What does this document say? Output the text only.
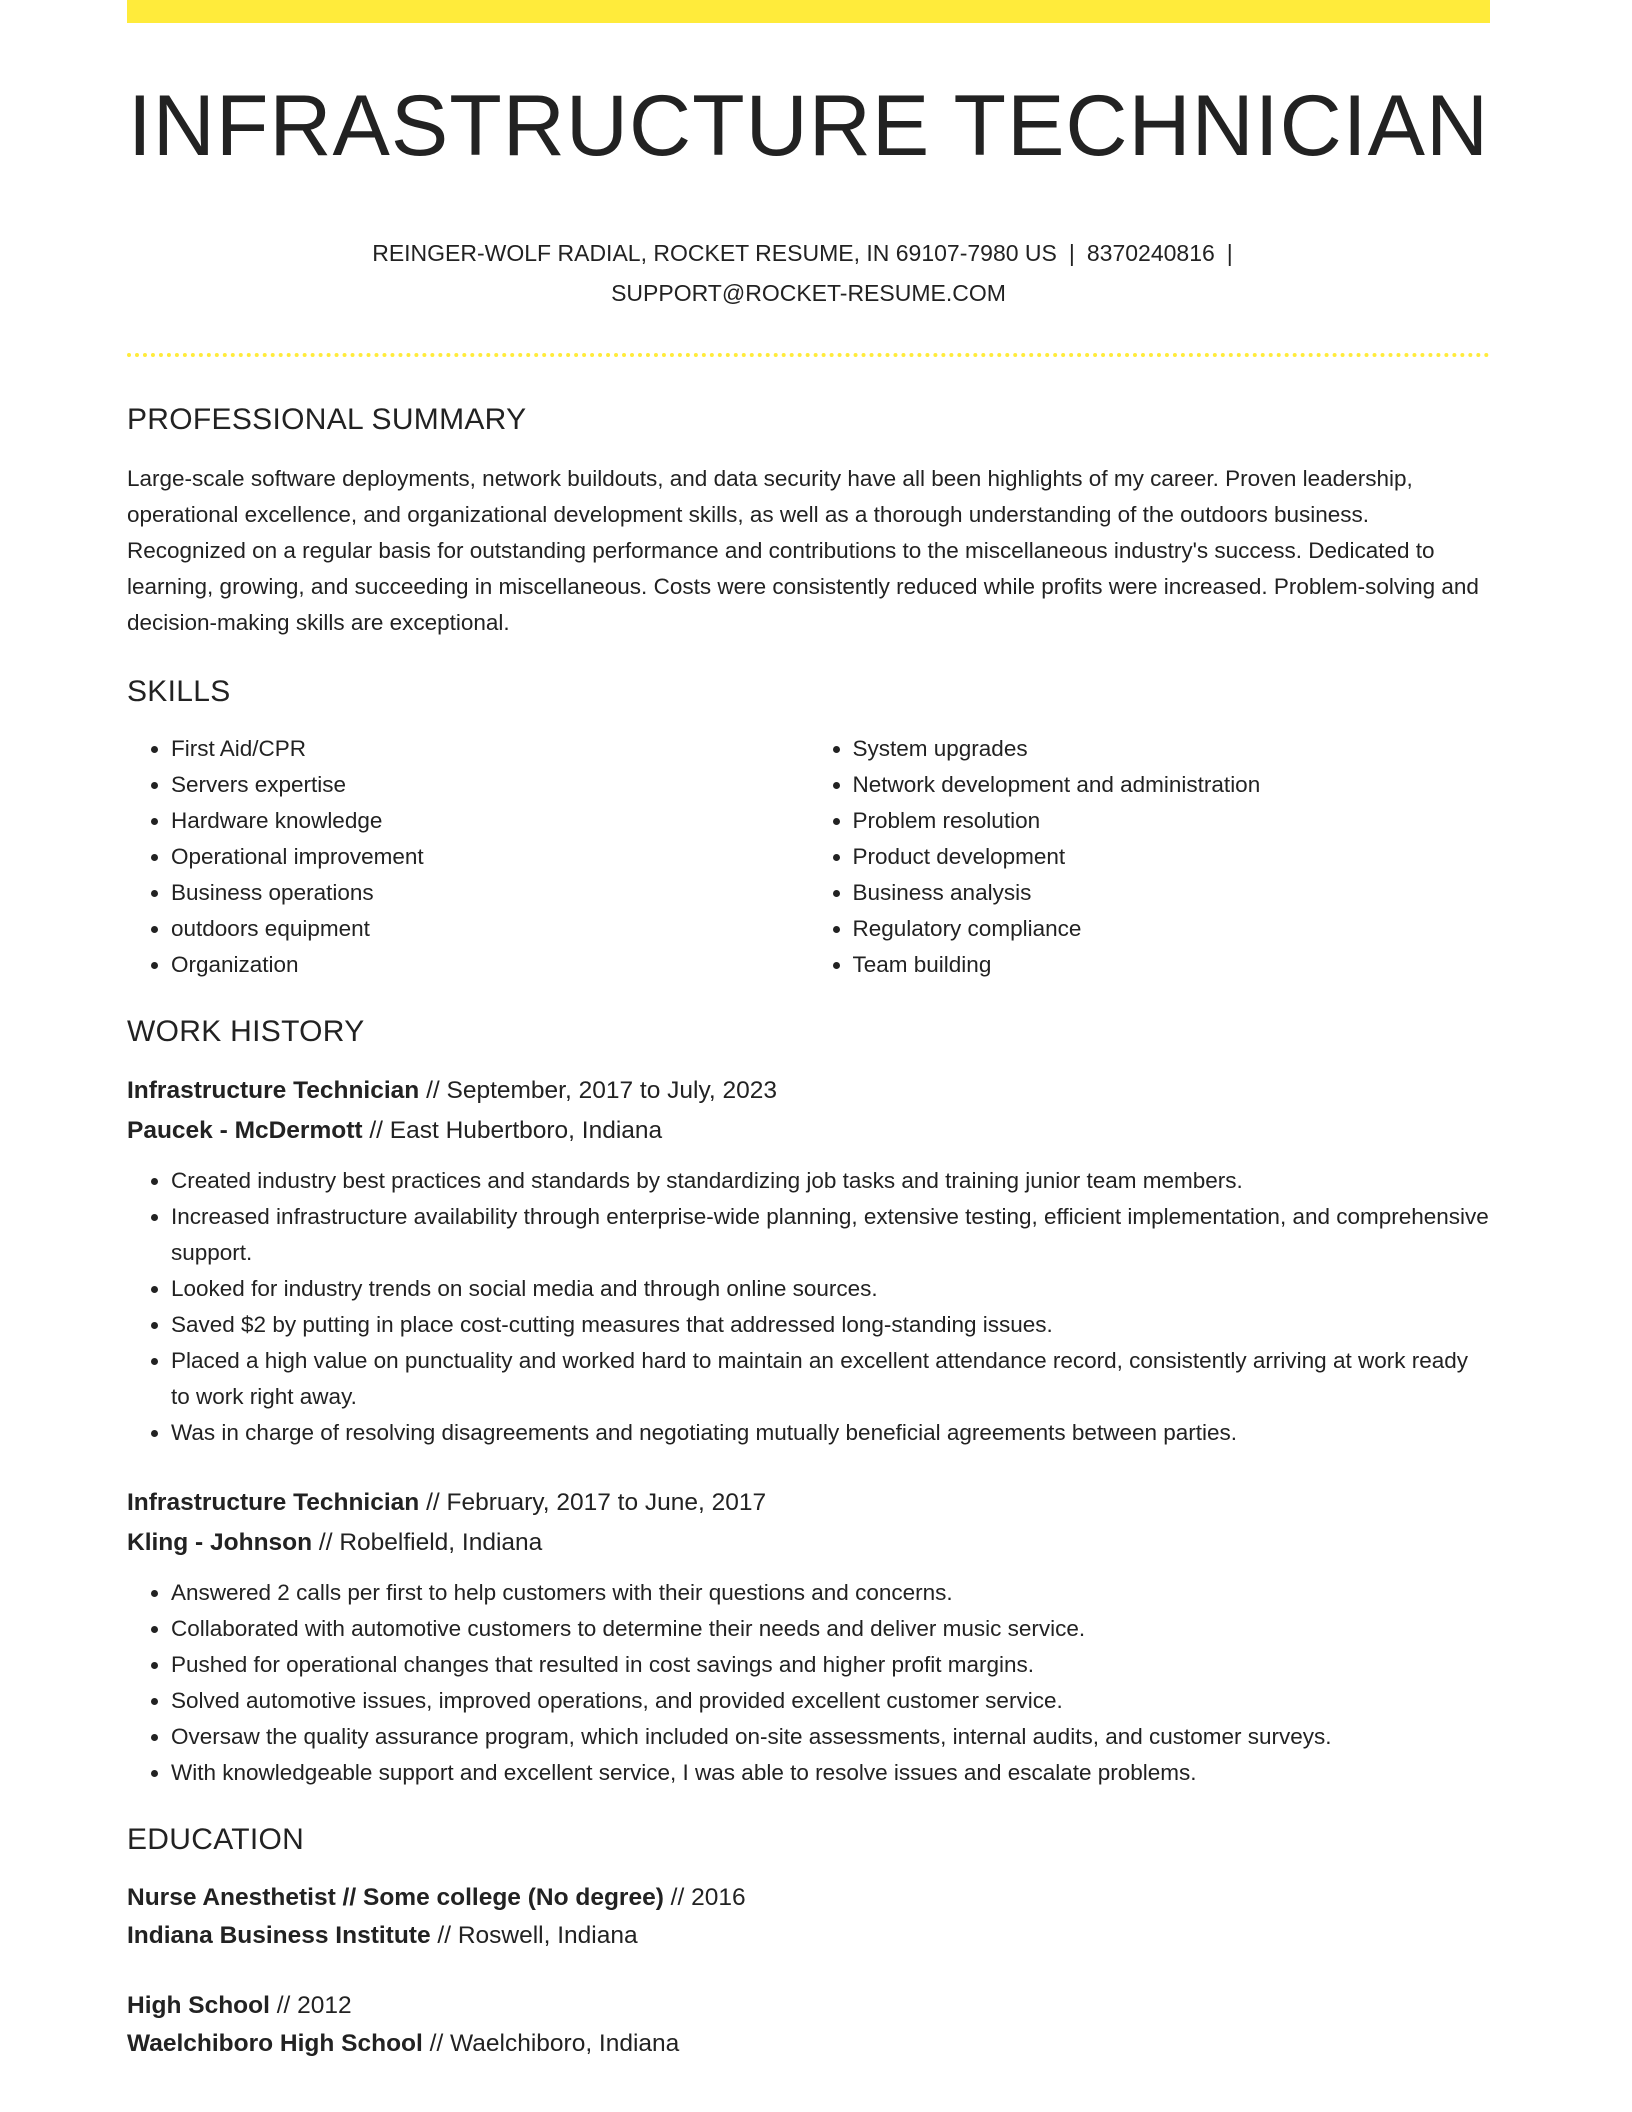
INFRASTRUCTURE TECHNICIAN
REINGER-WOLF RADIAL, ROCKET RESUME, IN 69107-7980 US | 8370240816 |
SUPPORT@ROCKET-RESUME.COM
PROFESSIONAL SUMMARY
Large-scale software deployments, network buildouts, and data security have all been highlights of my career. Proven leadership, operational excellence, and organizational development skills, as well as a thorough understanding of the outdoors business. Recognized on a regular basis for outstanding performance and contributions to the miscellaneous industry's success. Dedicated to learning, growing, and succeeding in miscellaneous. Costs were consistently reduced while profits were increased. Problem-solving and decision-making skills are exceptional.
SKILLS
• First Aid/CPR
• Servers expertise
• Hardware knowledge
• Operational improvement
• Business operations
• outdoors equipment
• Organization
• System upgrades
• Network development and administration
• Problem resolution
• Product development
• Business analysis
• Regulatory compliance
• Team building
WORK HISTORY
Infrastructure Technician // September, 2017 to July, 2023
Paucek - McDermott // East Hubertboro, Indiana
• Created industry best practices and standards by standardizing job tasks and training junior team members.
• Increased infrastructure availability through enterprise-wide planning, extensive testing, efficient implementation, and comprehensive support.
• Looked for industry trends on social media and through online sources.
• Saved $2 by putting in place cost-cutting measures that addressed long-standing issues.
• Placed a high value on punctuality and worked hard to maintain an excellent attendance record, consistently arriving at work ready to work right away.
• Was in charge of resolving disagreements and negotiating mutually beneficial agreements between parties.
Infrastructure Technician // February, 2017 to June, 2017
Kling - Johnson // Robelfield, Indiana
• Answered 2 calls per first to help customers with their questions and concerns.
• Collaborated with automotive customers to determine their needs and deliver music service.
• Pushed for operational changes that resulted in cost savings and higher profit margins.
• Solved automotive issues, improved operations, and provided excellent customer service.
• Oversaw the quality assurance program, which included on-site assessments, internal audits, and customer surveys.
• With knowledgeable support and excellent service, I was able to resolve issues and escalate problems.
EDUCATION
Nurse Anesthetist // Some college (No degree) // 2016
Indiana Business Institute // Roswell, Indiana
High School // 2012
Waelchiboro High School // Waelchiboro, Indiana
